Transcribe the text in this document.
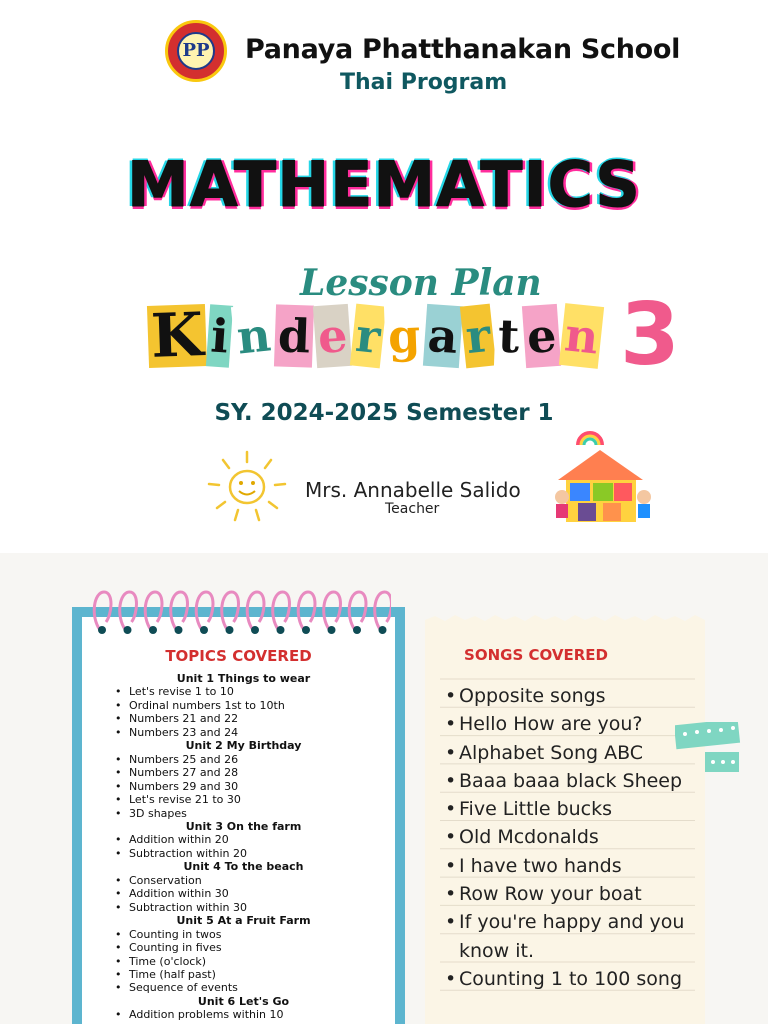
PP Panaya Phatthanakan School
Thai Program
MATHEMATICS
Lesson Plan
K i n d e r g a r t e n 3
SY. 2024-2025 Semester 1
Mrs. Annabelle Salido
Teacher
TOPICS COVERED
Unit 1 Things to wear
• Let's revise 1 to 10
• Ordinal numbers 1st to 10th
• Numbers 21 and 22
• Numbers 23 and 24
Unit 2 My Birthday
• Numbers 25 and 26
• Numbers 27 and 28
• Numbers 29 and 30
• Let's revise 21 to 30
• 3D shapes
Unit 3 On the farm
• Addition within 20
• Subtraction within 20
Unit 4 To the beach
• Conservation
• Addition within 30
• Subtraction within 30
Unit 5 At a Fruit Farm
• Counting in twos
• Counting in fives
• Time (o'clock)
• Time (half past)
• Sequence of events
Unit 6 Let's Go
• Addition problems within 10
SONGS COVERED
• Opposite songs
• Hello How are you?
• Alphabet Song ABC
• Baaa baaa black Sheep
• Five Little bucks
• Old Mcdonalds
• I have two hands
• Row Row your boat
• If you're happy and you know it.
• Counting 1 to 100 song
